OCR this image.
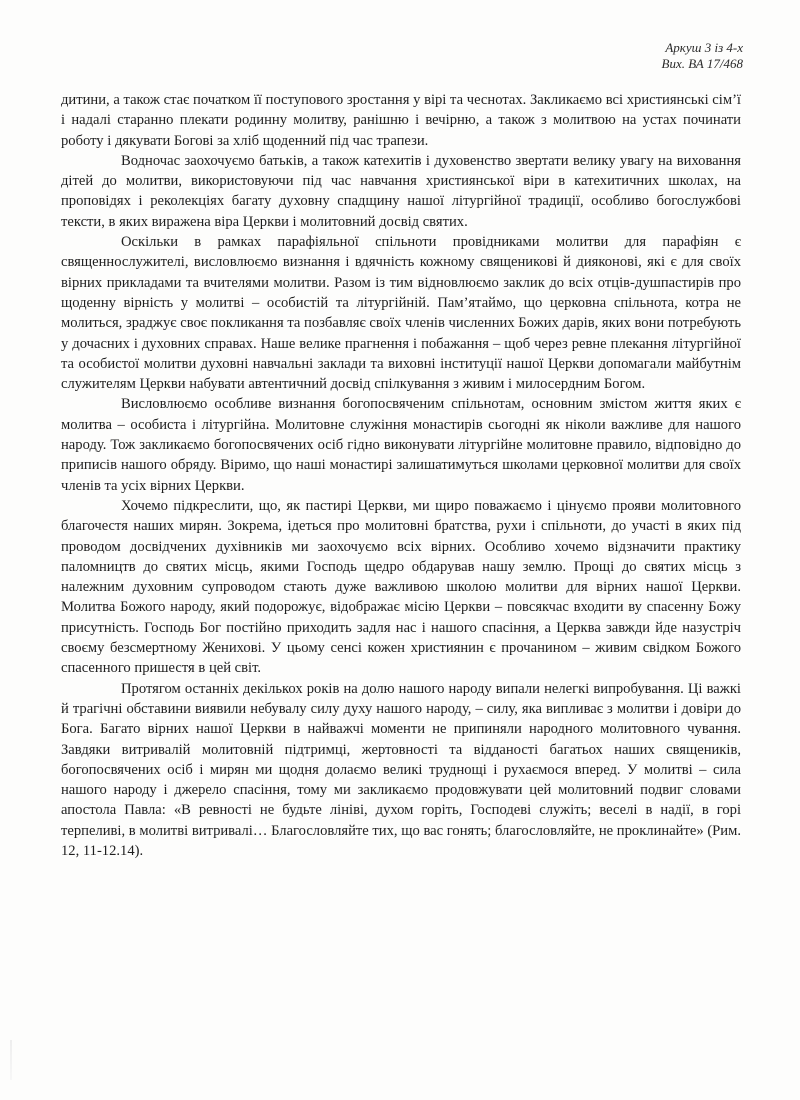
Аркуш 3 із 4-х
Вих. ВА 17/468

дитини, а також стає початком її поступового зростання у вірі та чеснотах. Закликаємо всі християнські сім’ї і надалі старанно плекати родинну молитву, ранішню і вечірню, а також з молитвою на устах починати роботу і дякувати Богові за хліб щоденний під час трапези.

Водночас заохочуємо батьків, а також катехитів і духовенство звертати велику увагу на виховання дітей до молитви, використовуючи під час навчання християнської віри в катехитичних школах, на проповідях і реколекціях багату духовну спадщину нашої літургійної традиції, особливо богослужбові тексти, в яких виражена віра Церкви і молитовний досвід святих.

Оскільки в рамках парафіяльної спільноти провідниками молитви для парафіян є священнослужителі, висловлюємо визнання і вдячність кожному священикові й дияконові, які є для своїх вірних прикладами та вчителями молитви. Разом із тим відновлюємо заклик до всіх отців-душпастирів про щоденну вірність у молитві – особистій та літургійній. Пам’ятаймо, що церковна спільнота, котра не молиться, зраджує своє покликання та позбавляє своїх членів численних Божих дарів, яких вони потребують у дочасних і духовних справах. Наше велике прагнення і побажання – щоб через ревне плекання літургійної та особистої молитви духовні навчальні заклади та виховні інституції нашої Церкви допомагали майбутнім служителям Церкви набувати автентичний досвід спілкування з живим і милосердним Богом.

Висловлюємо особливе визнання богопосвяченим спільнотам, основним змістом життя яких є молитва – особиста і літургійна. Молитовне служіння монастирів сьогодні як ніколи важливе для нашого народу. Тож закликаємо богопосвячених осіб гідно виконувати літургійне молитовне правило, відповідно до приписів нашого обряду. Віримо, що наші монастирі залишатимуться школами церковної молитви для своїх членів та усіх вірних Церкви.

Хочемо підкреслити, що, як пастирі Церкви, ми щиро поважаємо і цінуємо прояви молитовного благочестя наших мирян. Зокрема, ідеться про молитовні братства, рухи і спільноти, до участі в яких під проводом досвідчених духівників ми заохочуємо всіх вірних. Особливо хочемо відзначити практику паломництв до святих місць, якими Господь щедро обдарував нашу землю. Прощі до святих місць з належним духовним супроводом стають дуже важливою школою молитви для вірних нашої Церкви. Молитва Божого народу, який подорожує, відображає місію Церкви – повсякчас входити ву спасенну Божу присутність. Господь Бог постійно приходить задля нас і нашого спасіння, а Церква завжди йде назустріч своєму безсмертному Женихові. У цьому сенсі кожен християнин є прочанином – живим свідком Божого спасенного пришестя в цей світ.

Протягом останніх декількох років на долю нашого народу випали нелегкі випробування. Ці важкі й трагічні обставини виявили небувалу силу духу нашого народу, – силу, яка випливає з молитви і довіри до Бога. Багато вірних нашої Церкви в найважчі моменти не припиняли народного молитовного чування. Завдяки витривалій молитовній підтримці, жертовності та відданості багатьох наших священиків, богопосвячених осіб і мирян ми щодня долаємо великі труднощі і рухаємося вперед. У молитві – сила нашого народу і джерело спасіння, тому ми закликаємо продовжувати цей молитовний подвиг словами апостола Павла: «В ревності не будьте лініві, духом горіть, Господеві служіть; веселі в надії, в горі терпеливі, в молитві витривалі… Благословляйте тих, що вас гонять; благословляйте, не проклинайте» (Рим. 12, 11-12.14).
